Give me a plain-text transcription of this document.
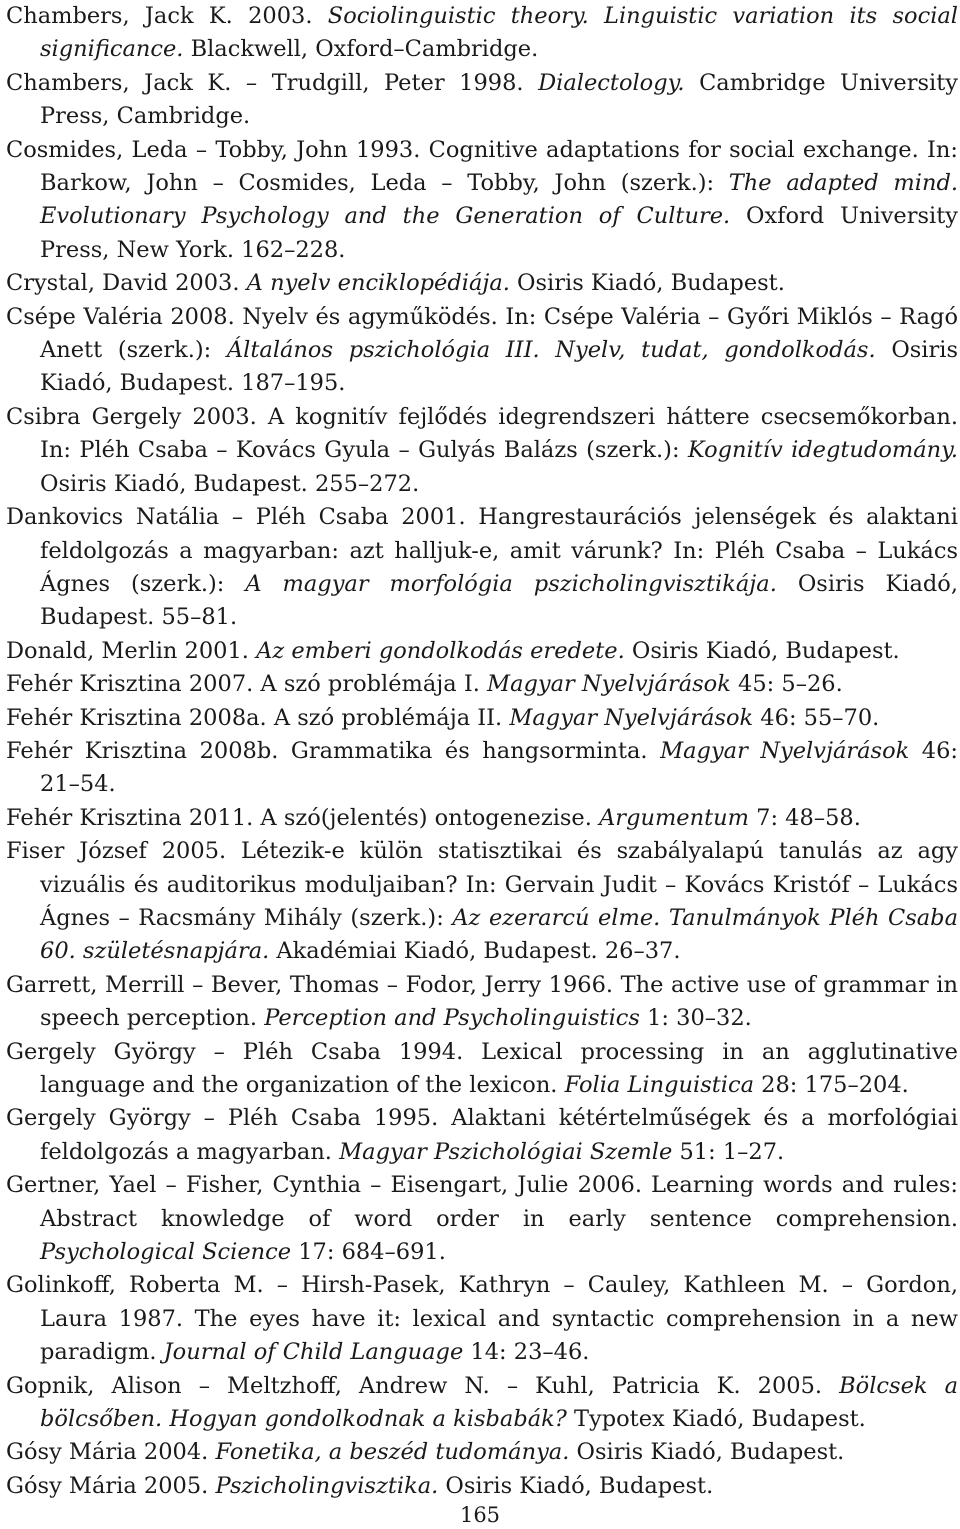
Chambers, Jack K. 2003. Sociolinguistic theory. Linguistic variation its social significance. Blackwell, Oxford–Cambridge.
Chambers, Jack K. – Trudgill, Peter 1998. Dialectology. Cambridge University Press, Cambridge.
Cosmides, Leda – Tobby, John 1993. Cognitive adaptations for social exchange. In: Barkow, John – Cosmides, Leda – Tobby, John (szerk.): The adapted mind. Evolutionary Psychology and the Generation of Culture. Oxford University Press, New York. 162–228.
Crystal, David 2003. A nyelv enciklopédiája. Osiris Kiadó, Budapest.
Csépe Valéria 2008. Nyelv és agyműködés. In: Csépe Valéria – Győri Miklós – Ragó Anett (szerk.): Általános pszichológia III. Nyelv, tudat, gondolkodás. Osiris Kiadó, Budapest. 187–195.
Csibra Gergely 2003. A kognitív fejlődés idegrendszeri háttere csecsemőkorban. In: Pléh Csaba – Kovács Gyula – Gulyás Balázs (szerk.): Kognitív idegtudomány. Osiris Kiadó, Budapest. 255–272.
Dankovics Natália – Pléh Csaba 2001. Hangrestaurációs jelenségek és alaktani feldolgozás a magyarban: azt halljuk-e, amit várunk? In: Pléh Csaba – Lukács Ágnes (szerk.): A magyar morfológia pszicholingvisztikája. Osiris Kiadó, Budapest. 55–81.
Donald, Merlin 2001. Az emberi gondolkodás eredete. Osiris Kiadó, Budapest.
Fehér Krisztina 2007. A szó problémája I. Magyar Nyelvjárások 45: 5–26.
Fehér Krisztina 2008a. A szó problémája II. Magyar Nyelvjárások 46: 55–70.
Fehér Krisztina 2008b. Grammatika és hangsorminta. Magyar Nyelvjárások 46: 21–54.
Fehér Krisztina 2011. A szó(jelentés) ontogenezise. Argumentum 7: 48–58.
Fiser József 2005. Létezik-e külön statisztikai és szabályalapú tanulás az agy vizuális és auditorikus moduljaiban? In: Gervain Judit – Kovács Kristóf – Lukács Ágnes – Racsmány Mihály (szerk.): Az ezerarcú elme. Tanulmányok Pléh Csaba 60. születésnapjára. Akadémiai Kiadó, Budapest. 26–37.
Garrett, Merrill – Bever, Thomas – Fodor, Jerry 1966. The active use of grammar in speech perception. Perception and Psycholinguistics 1: 30–32.
Gergely György – Pléh Csaba 1994. Lexical processing in an agglutinative language and the organization of the lexicon. Folia Linguistica 28: 175–204.
Gergely György – Pléh Csaba 1995. Alaktani kétértelműségek és a morfológiai feldolgozás a magyarban. Magyar Pszichológiai Szemle 51: 1–27.
Gertner, Yael – Fisher, Cynthia – Eisengart, Julie 2006. Learning words and rules: Abstract knowledge of word order in early sentence comprehension. Psychological Science 17: 684–691.
Golinkoff, Roberta M. – Hirsh-Pasek, Kathryn – Cauley, Kathleen M. – Gordon, Laura 1987. The eyes have it: lexical and syntactic comprehension in a new paradigm. Journal of Child Language 14: 23–46.
Gopnik, Alison – Meltzhoff, Andrew N. – Kuhl, Patricia K. 2005. Bölcsek a bölcsőben. Hogyan gondolkodnak a kisbabák? Typotex Kiadó, Budapest.
Gósy Mária 2004. Fonetika, a beszéd tudománya. Osiris Kiadó, Budapest.
Gósy Mária 2005. Pszicholingvisztika. Osiris Kiadó, Budapest.
165
